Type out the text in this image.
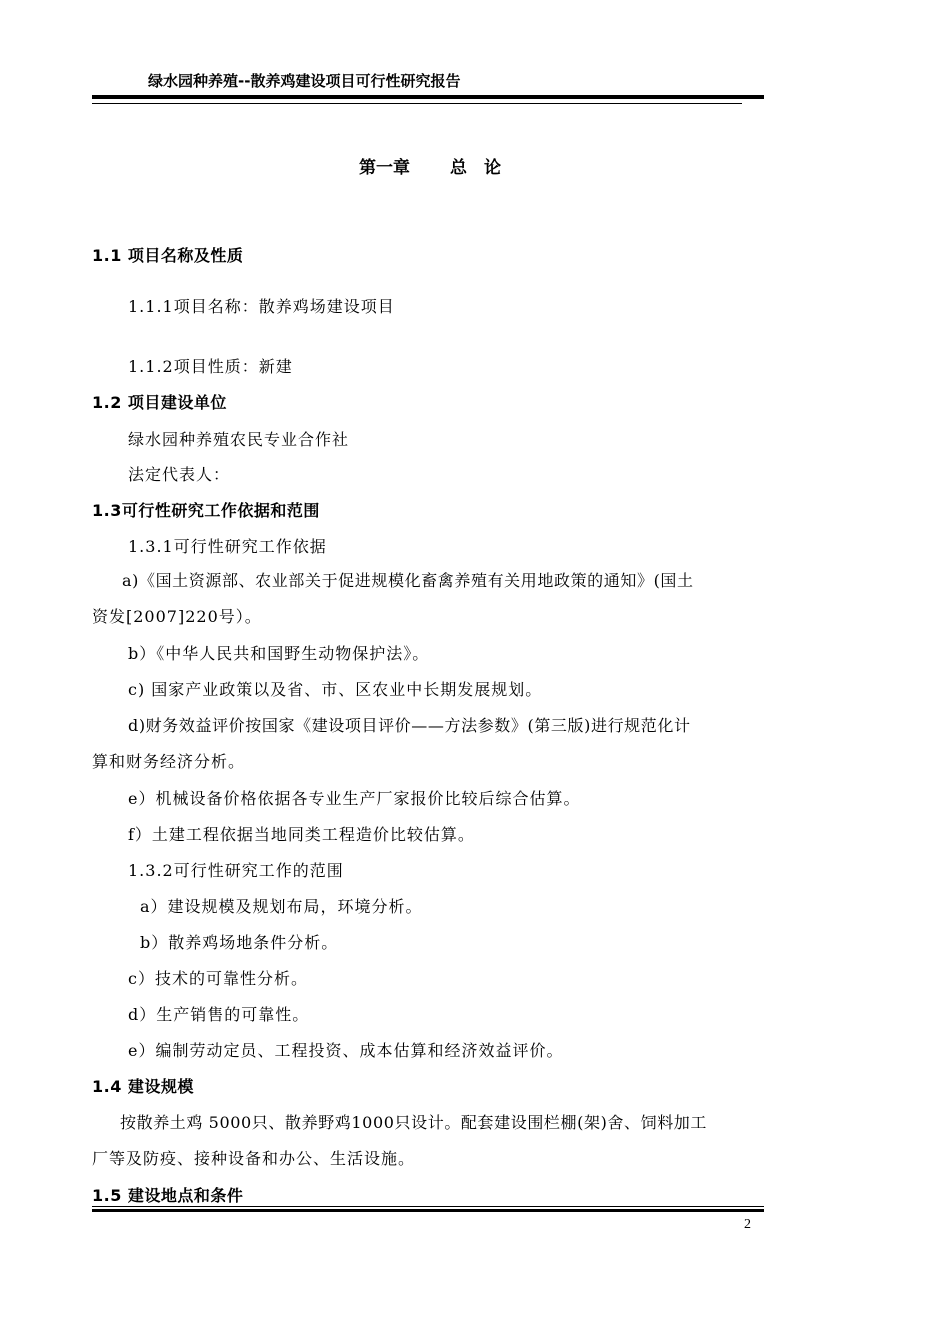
绿水园种养殖--散养鸡建设项目可行性研究报告
第一章 总　论
1.1 项目名称及性质
1.1.1项目名称：散养鸡场建设项目
1.1.2项目性质：新建
1.2 项目建设单位
绿水园种养殖农民专业合作社
法定代表人：
1.3可行性研究工作依据和范围
1.3.1可行性研究工作依据
a)《国土资源部、农业部关于促进规模化畜禽养殖有关用地政策的通知》(国土
资发[2007]220号）。
b）《中华人民共和国野生动物保护法》。
c) 国家产业政策以及省、市、区农业中长期发展规划。
d)财务效益评价按国家《建设项目评价——方法参数》(第三版)进行规范化计
算和财务经济分析。
e）机械设备价格依据各专业生产厂家报价比较后综合估算。
f）土建工程依据当地同类工程造价比较估算。
1.3.2可行性研究工作的范围
a）建设规模及规划布局，环境分析。
b）散养鸡场地条件分析。
c）技术的可靠性分析。
d）生产销售的可靠性。
e）编制劳动定员、工程投资、成本估算和经济效益评价。
1.4 建设规模
按散养土鸡 5000只、散养野鸡1000只设计。配套建设围栏棚(架)舍、饲料加工
厂等及防疫、接种设备和办公、生活设施。
1.5 建设地点和条件
2
